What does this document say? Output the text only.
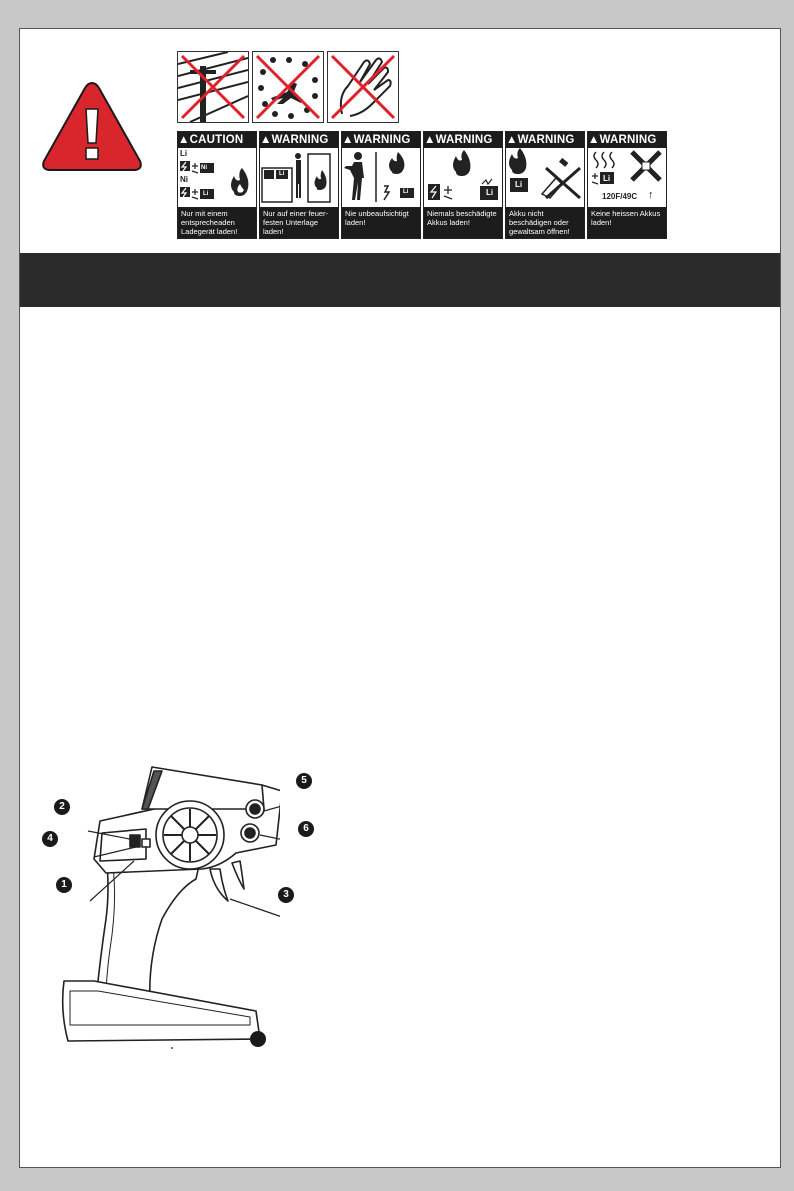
▲CAUTION
Li
Ni
Ni
Li
Nur mit einem entsprecheaden Ladegerät laden!
▲WARNING
Li
Nur auf einer feuer- festen Unterlage laden!
▲WARNING
Li
Nie unbeaufsichtigt laden!
▲WARNING
Li
Niemals beschädigte Akkus laden!
▲WARNING
Li
Akku nicht beschädigen oder gewaltsam öffnen!
▲WARNING
Li
120F/49C ↑
Keine heissen Akkus laden!
2
4
1
3
5
6
